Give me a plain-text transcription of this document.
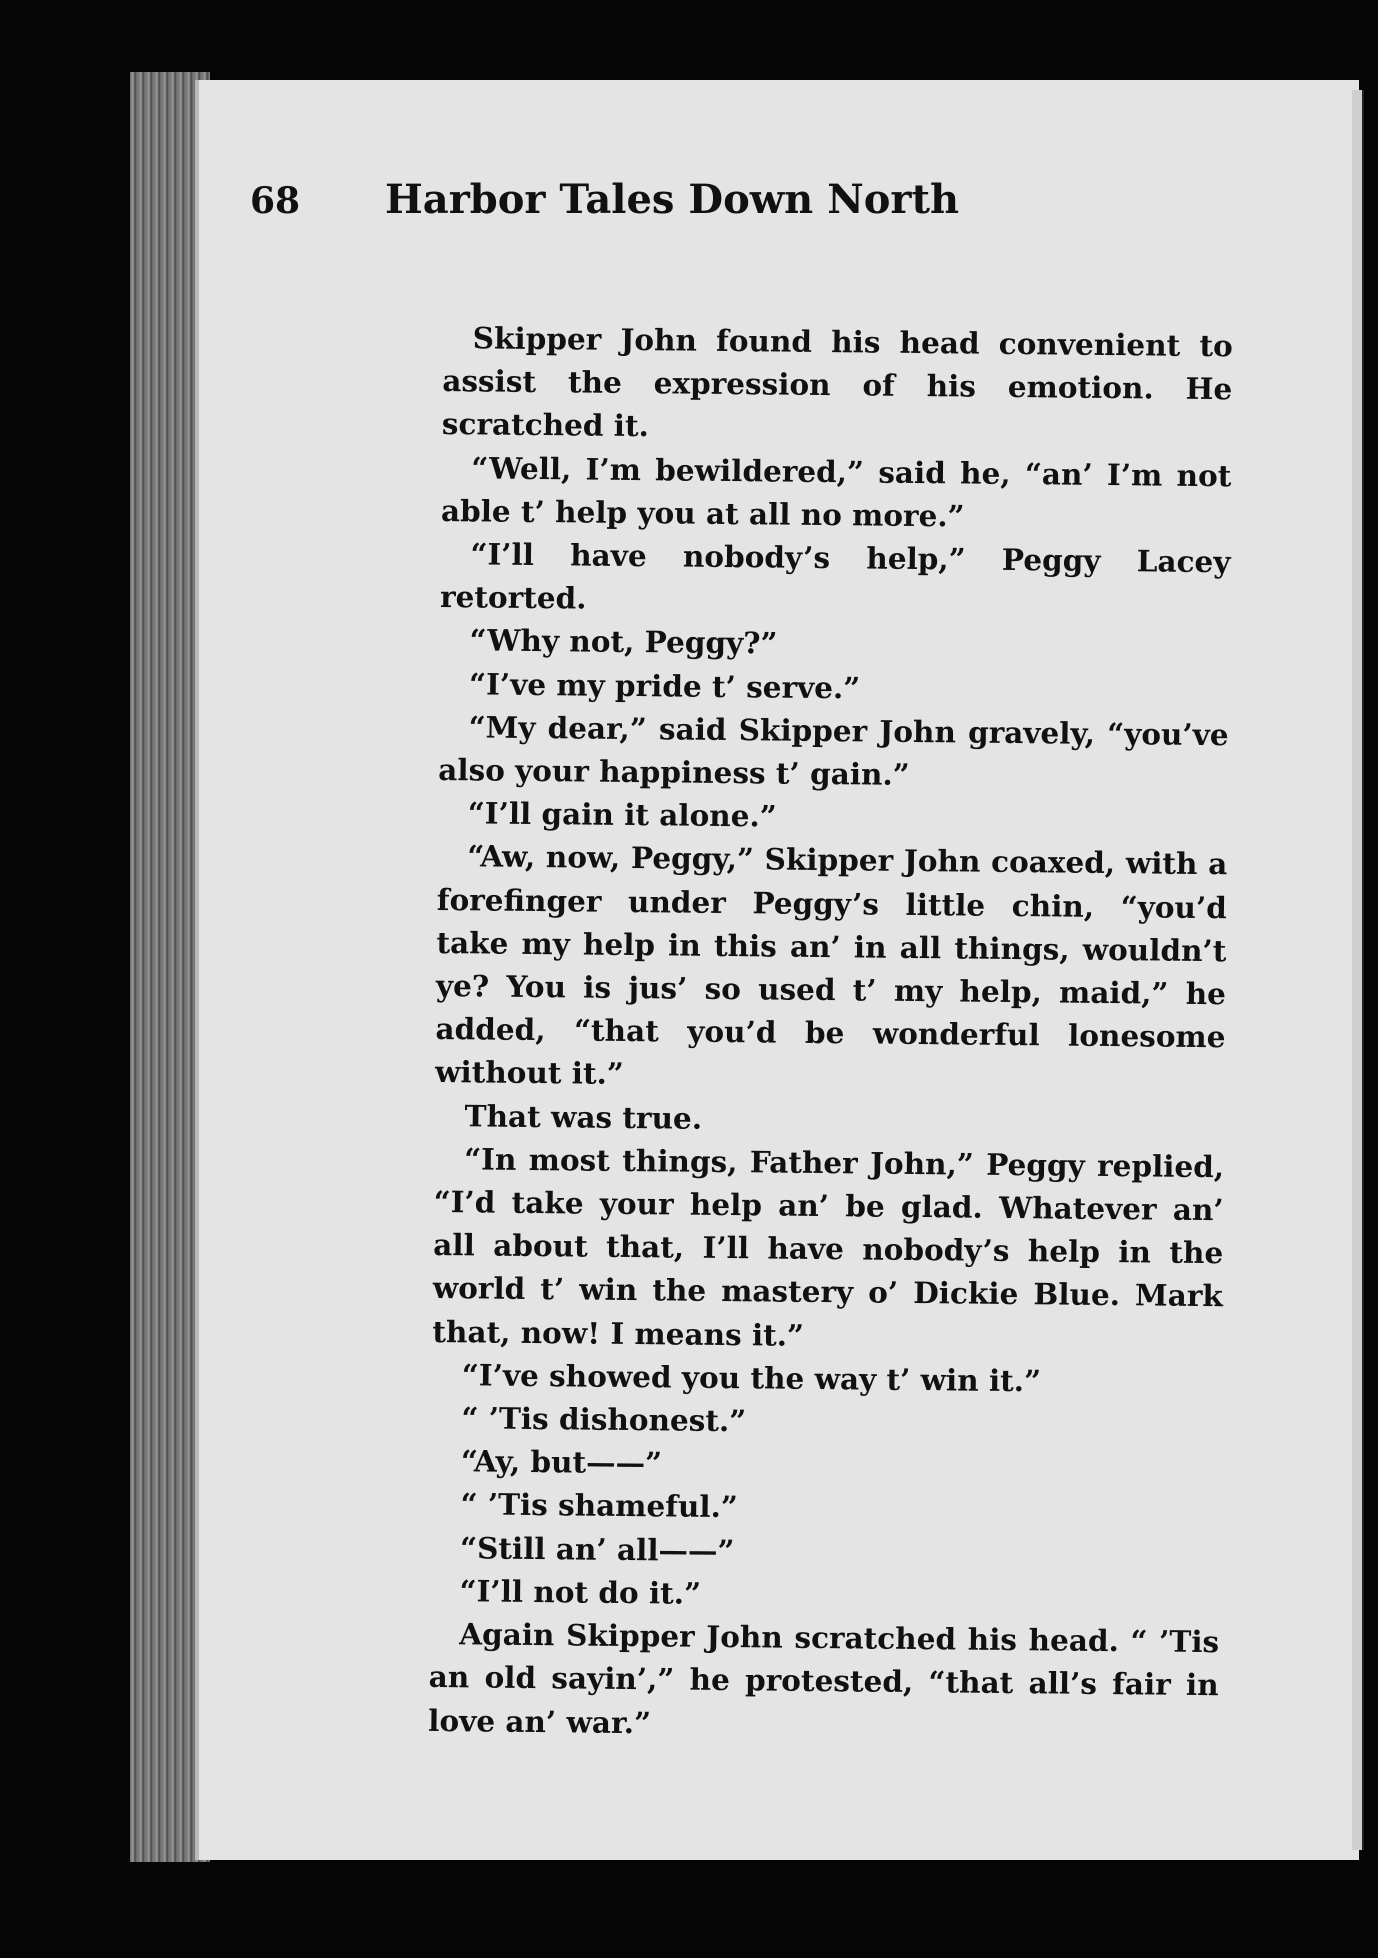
68 Harbor Tales Down North

Skipper John found his head convenient to assist the expression of his emotion. He scratched it.

“Well, I’m bewildered,” said he, “an’ I’m not able t’ help you at all no more.”

“I’ll have nobody’s help,” Peggy Lacey retorted.

“Why not, Peggy?”

“I’ve my pride t’ serve.”

“My dear,” said Skipper John gravely, “you’ve also your happiness t’ gain.”

“I’ll gain it alone.”

“Aw, now, Peggy,” Skipper John coaxed, with a forefinger under Peggy’s little chin, “you’d take my help in this an’ in all things, wouldn’t ye? You is jus’ so used t’ my help, maid,” he added, “that you’d be wonderful lonesome without it.”

That was true.

“In most things, Father John,” Peggy replied, “I’d take your help an’ be glad. Whatever an’ all about that, I’ll have nobody’s help in the world t’ win the mastery o’ Dickie Blue. Mark that, now! I means it.”

“I’ve showed you the way t’ win it.”

“ ’Tis dishonest.”

“Ay, but——”

“ ’Tis shameful.”

“Still an’ all——”

“I’ll not do it.”

Again Skipper John scratched his head. “ ’Tis an old sayin’,” he protested, “that all’s fair in love an’ war.”
